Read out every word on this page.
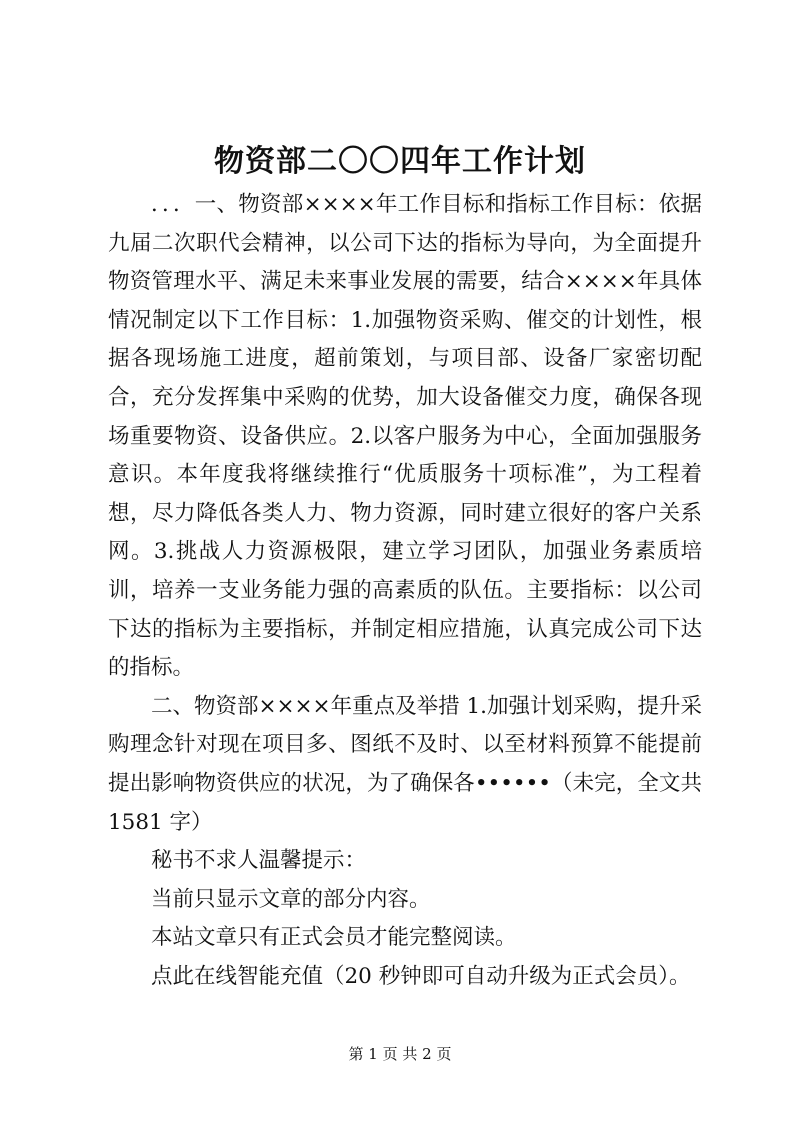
物资部二〇〇四年工作计划

．．．一、物资部××××年工作目标和指标工作目标：依据九届二次职代会精神，以公司下达的指标为导向，为全面提升物资管理水平、满足未来事业发展的需要，结合××××年具体情况制定以下工作目标：1.加强物资采购、催交的计划性，根据各现场施工进度，超前策划，与项目部、设备厂家密切配合，充分发挥集中采购的优势，加大设备催交力度，确保各现场重要物资、设备供应。2.以客户服务为中心，全面加强服务意识。本年度我将继续推行“优质服务十项标准”，为工程着想，尽力降低各类人力、物力资源，同时建立很好的客户关系网。3.挑战人力资源极限，建立学习团队，加强业务素质培训，培养一支业务能力强的高素质的队伍。主要指标：以公司下达的指标为主要指标，并制定相应措施，认真完成公司下达的指标。

二、物资部××××年重点及举措 1.加强计划采购，提升采购理念针对现在项目多、图纸不及时、以至材料预算不能提前提出影响物资供应的状况，为了确保各••••••（未完，全文共 1581 字）

秘书不求人温馨提示：

当前只显示文章的部分内容。

本站文章只有正式会员才能完整阅读。

点此在线智能充值（20 秒钟即可自动升级为正式会员）。

第 1 页 共 2 页
